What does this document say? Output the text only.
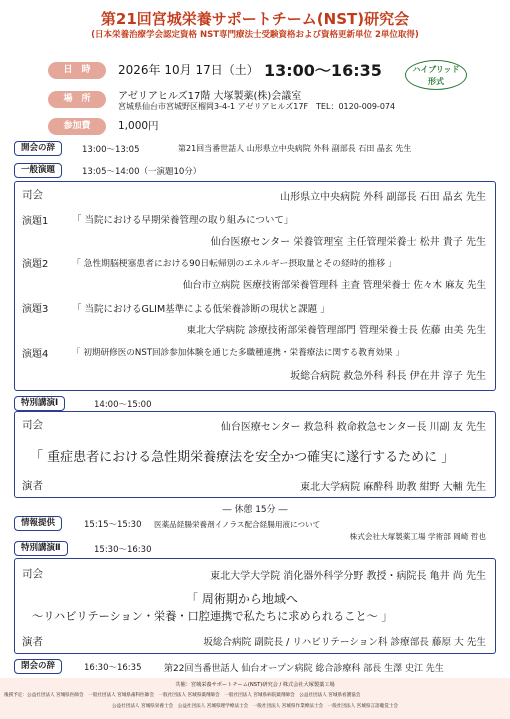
第21回宮城栄養サポートチーム(NST)研究会
(日本栄養治療学会認定資格 NST専門療法士受験資格および資格更新単位 2単位取得)
日　時	2026年 10月 17日（土） 13:00～16:35	ハイブリッド
形式
場　所	アゼリアヒルズ17階 大塚製薬(株)会議室
宮城県仙台市宮城野区榴岡3-4-1 アゼリアヒルズ17F　TEL：0120-009-074
参加費	1,000円
開会の辞	13:00～13:05	第21回当番世話人 山形県立中央病院 外科 副部長 石田 晶玄 先生
一般演題	13:05～14:00（一演題10分）
司会	山形県立中央病院 外科 副部長 石田 晶玄 先生
演題1 「 当院における早期栄養管理の取り組みについて」
仙台医療センター 栄養管理室 主任管理栄養士 松井 貴子 先生
演題2	「 急性期脳梗塞患者における90日転帰別のエネルギー摂取量とその経時的推移 」
仙台市立病院 医療技術部栄養管理科 主査 管理栄養士 佐々木 麻友 先生
演題3 「 当院におけるGLIM基準による低栄養診断の現状と課題 」
東北大学病院 診療技術部栄養管理部門 管理栄養士長 佐藤 由美 先生
演題4	「 初期研修医のNST回診参加体験を通じた多職種連携・栄養療法に関する教育効果 」
坂総合病院 救急外科 科長 伊在井 淳子 先生
特別講演Ⅰ	14:00～15:00
司会	仙台医療センター 救急科 救命救急センター長 川副 友 先生
「 重症患者における急性期栄養療法を安全かつ確実に遂行するために 」
演者	東北大学病院 麻酔科 助教 紺野 大輔 先生
― 休憩 15分 ―
情報提供	15:15～15:30 医薬品経腸栄養剤イノラス配合経腸用液について
株式会社大塚製薬工場 学術部 岡崎 哲也
特別講演Ⅱ	15:30～16:30
司会	東北大学大学院 消化器外科学分野 教授・病院長 亀井 尚 先生
「 周術期から地域へ
～リハビリテーション・栄養・口腔連携で私たちに求められること～ 」
演者	坂総合病院 副院長 / リハビリテーション科 診療部長 藤原 大 先生
閉会の辞	16:30～16:35	第22回当番世話人 仙台オープン病院 総合診療科 部長 生澤 史江 先生
共催：宮城栄養サポートチーム(NST)研究会 / 株式会社大塚製薬工場
後援予定：公益社団法人 宮城県医師会　一般社団法人 宮城県歯科医師会　一般社団法人 宮城県薬剤師会　一般社団法人 宮城県病院薬剤師会　公益社団法人 宮城県看護協会
公益社団法人 宮城県栄養士会　公益社団法人 宮城県理学療法士会　一般社団法人 宮城県作業療法士会　一般社団法人 宮城県言語聴覚士会
